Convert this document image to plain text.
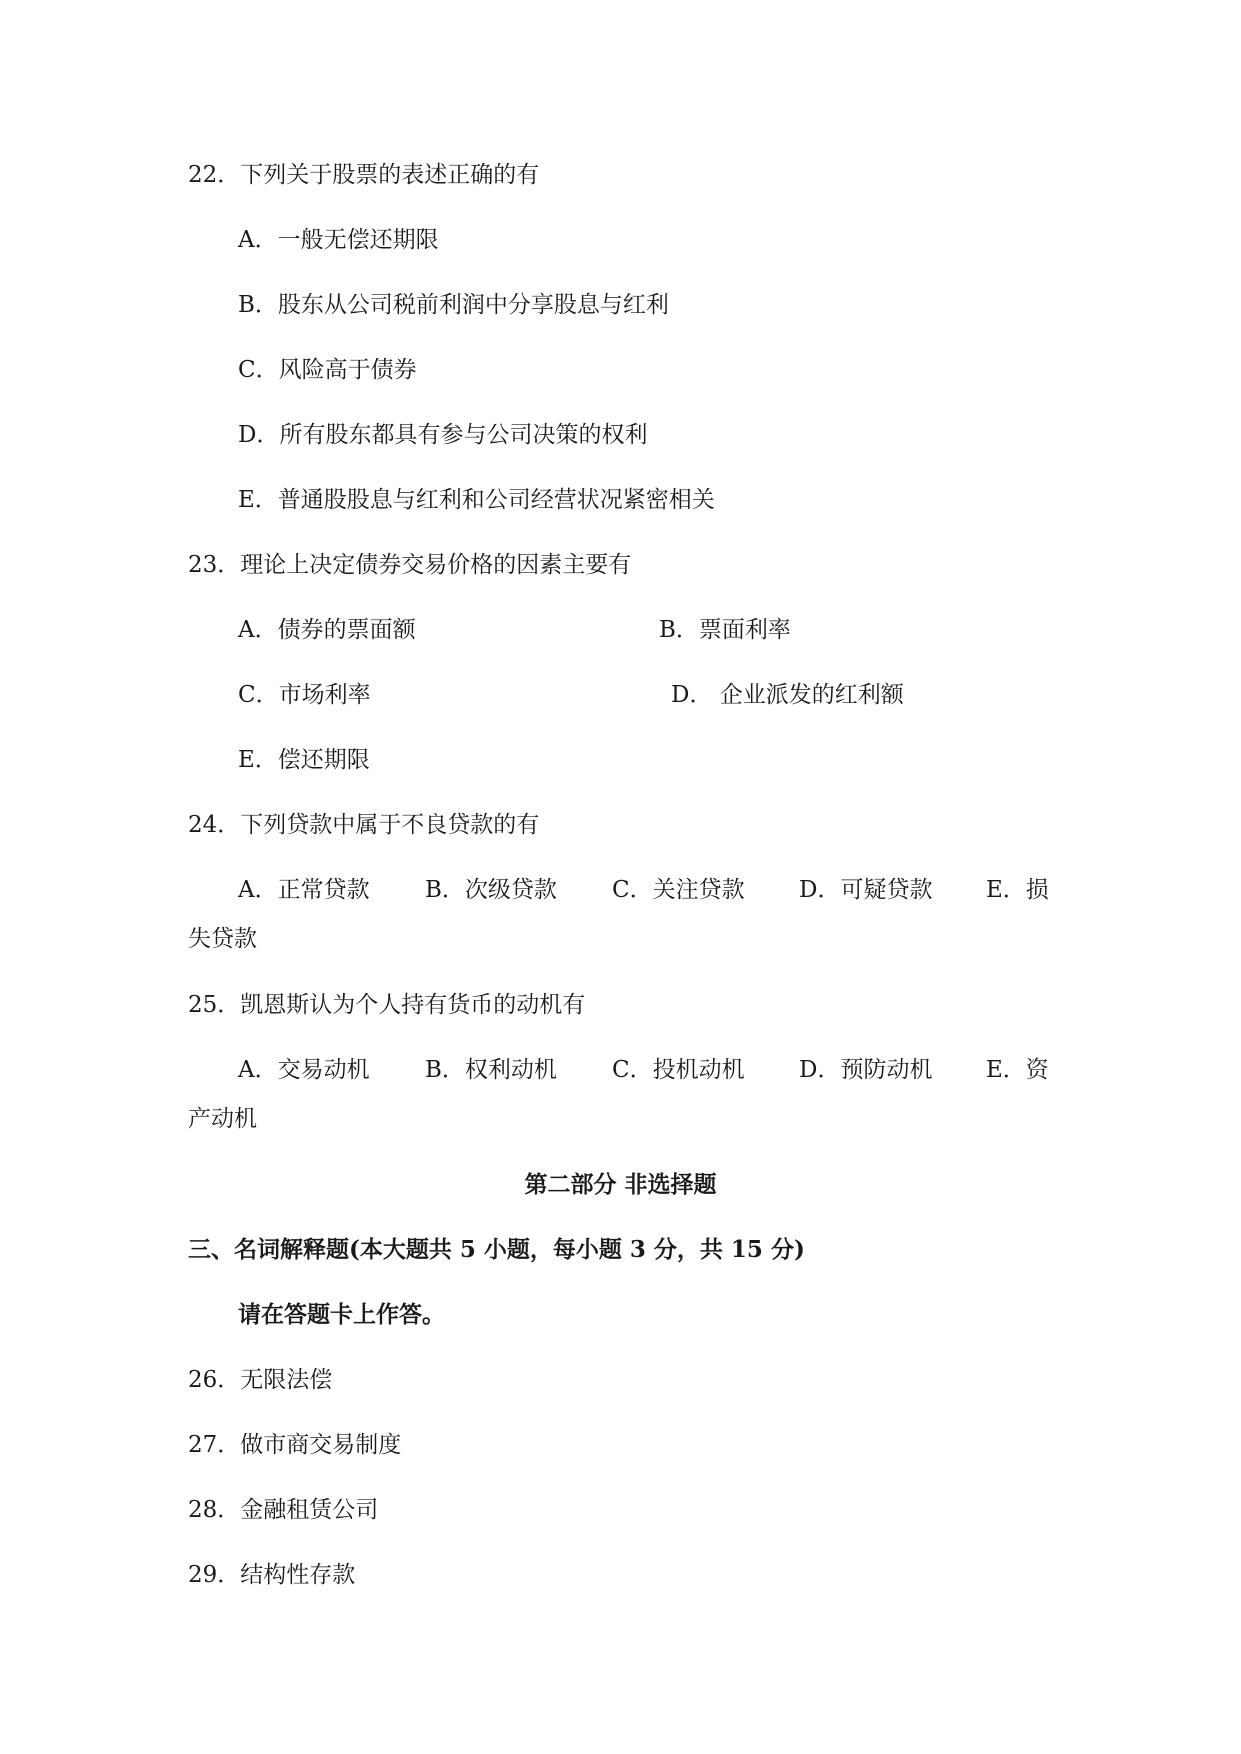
22．下列关于股票的表述正确的有
A．一般无偿还期限
B．股东从公司税前利润中分享股息与红利
C．风险高于债券
D．所有股东都具有参与公司决策的权利
E．普通股股息与红利和公司经营状况紧密相关
23．理论上决定债券交易价格的因素主要有
A．债券的票面额	B．票面利率
C．市场利率	D． 企业派发的红利额
E．偿还期限
24．下列贷款中属于不良贷款的有
A．正常贷款 B．次级贷款 C．关注贷款 D．可疑贷款 E．损
失贷款
25．凯恩斯认为个人持有货币的动机有
A．交易动机 B．权利动机 C．投机动机 D．预防动机 E．资
产动机
第二部分 非选择题
三、名词解释题(本大题共 5 小题，每小题 3 分，共 15 分)
请在答题卡上作答。
26．无限法偿
27．做市商交易制度
28．金融租赁公司
29．结构性存款
